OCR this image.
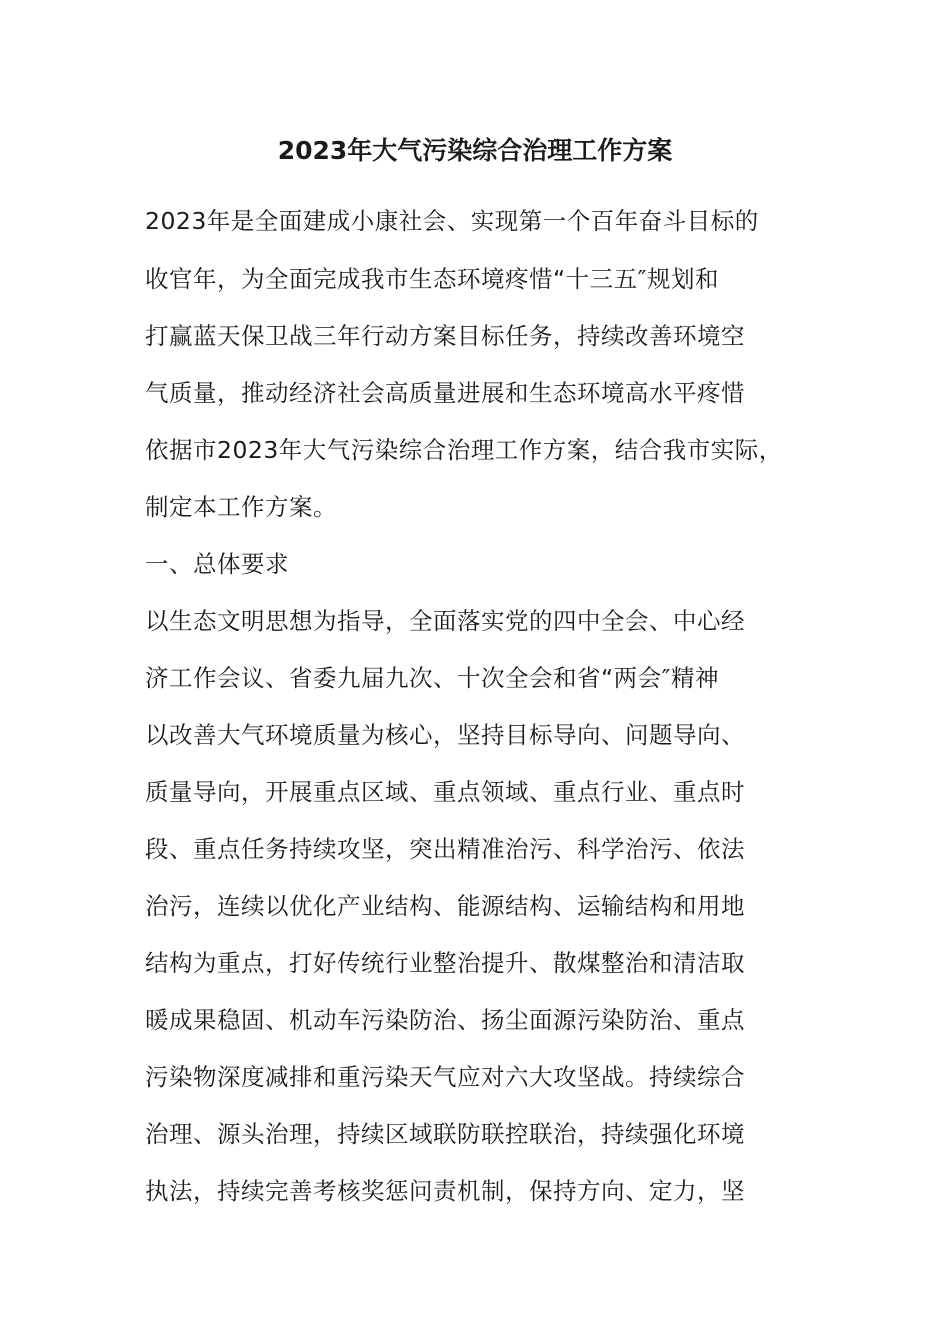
2023年大气污染综合治理工作方案
2023年是全面建成小康社会、实现第一个百年奋斗目标的
收官年，为全面完成我市生态环境疼惜“十三五″规划和
打赢蓝天保卫战三年行动方案目标任务，持续改善环境空
气质量，推动经济社会高质量进展和生态环境高水平疼惜
依据市2023年大气污染综合治理工作方案，结合我市实际，
制定本工作方案。
一、总体要求
以生态文明思想为指导，全面落实党的四中全会、中心经
济工作会议、省委九届九次、十次全会和省“两会″精神
以改善大气环境质量为核心，坚持目标导向、问题导向、
质量导向，开展重点区域、重点领域、重点行业、重点时
段、重点任务持续攻坚，突出精准治污、科学治污、依法
治污，连续以优化产业结构、能源结构、运输结构和用地
结构为重点，打好传统行业整治提升、散煤整治和清洁取
暖成果稳固、机动车污染防治、扬尘面源污染防治、重点
污染物深度减排和重污染天气应对六大攻坚战。持续综合
治理、源头治理，持续区域联防联控联治，持续强化环境
执法，持续完善考核奖惩问责机制，保持方向、定力，坚
